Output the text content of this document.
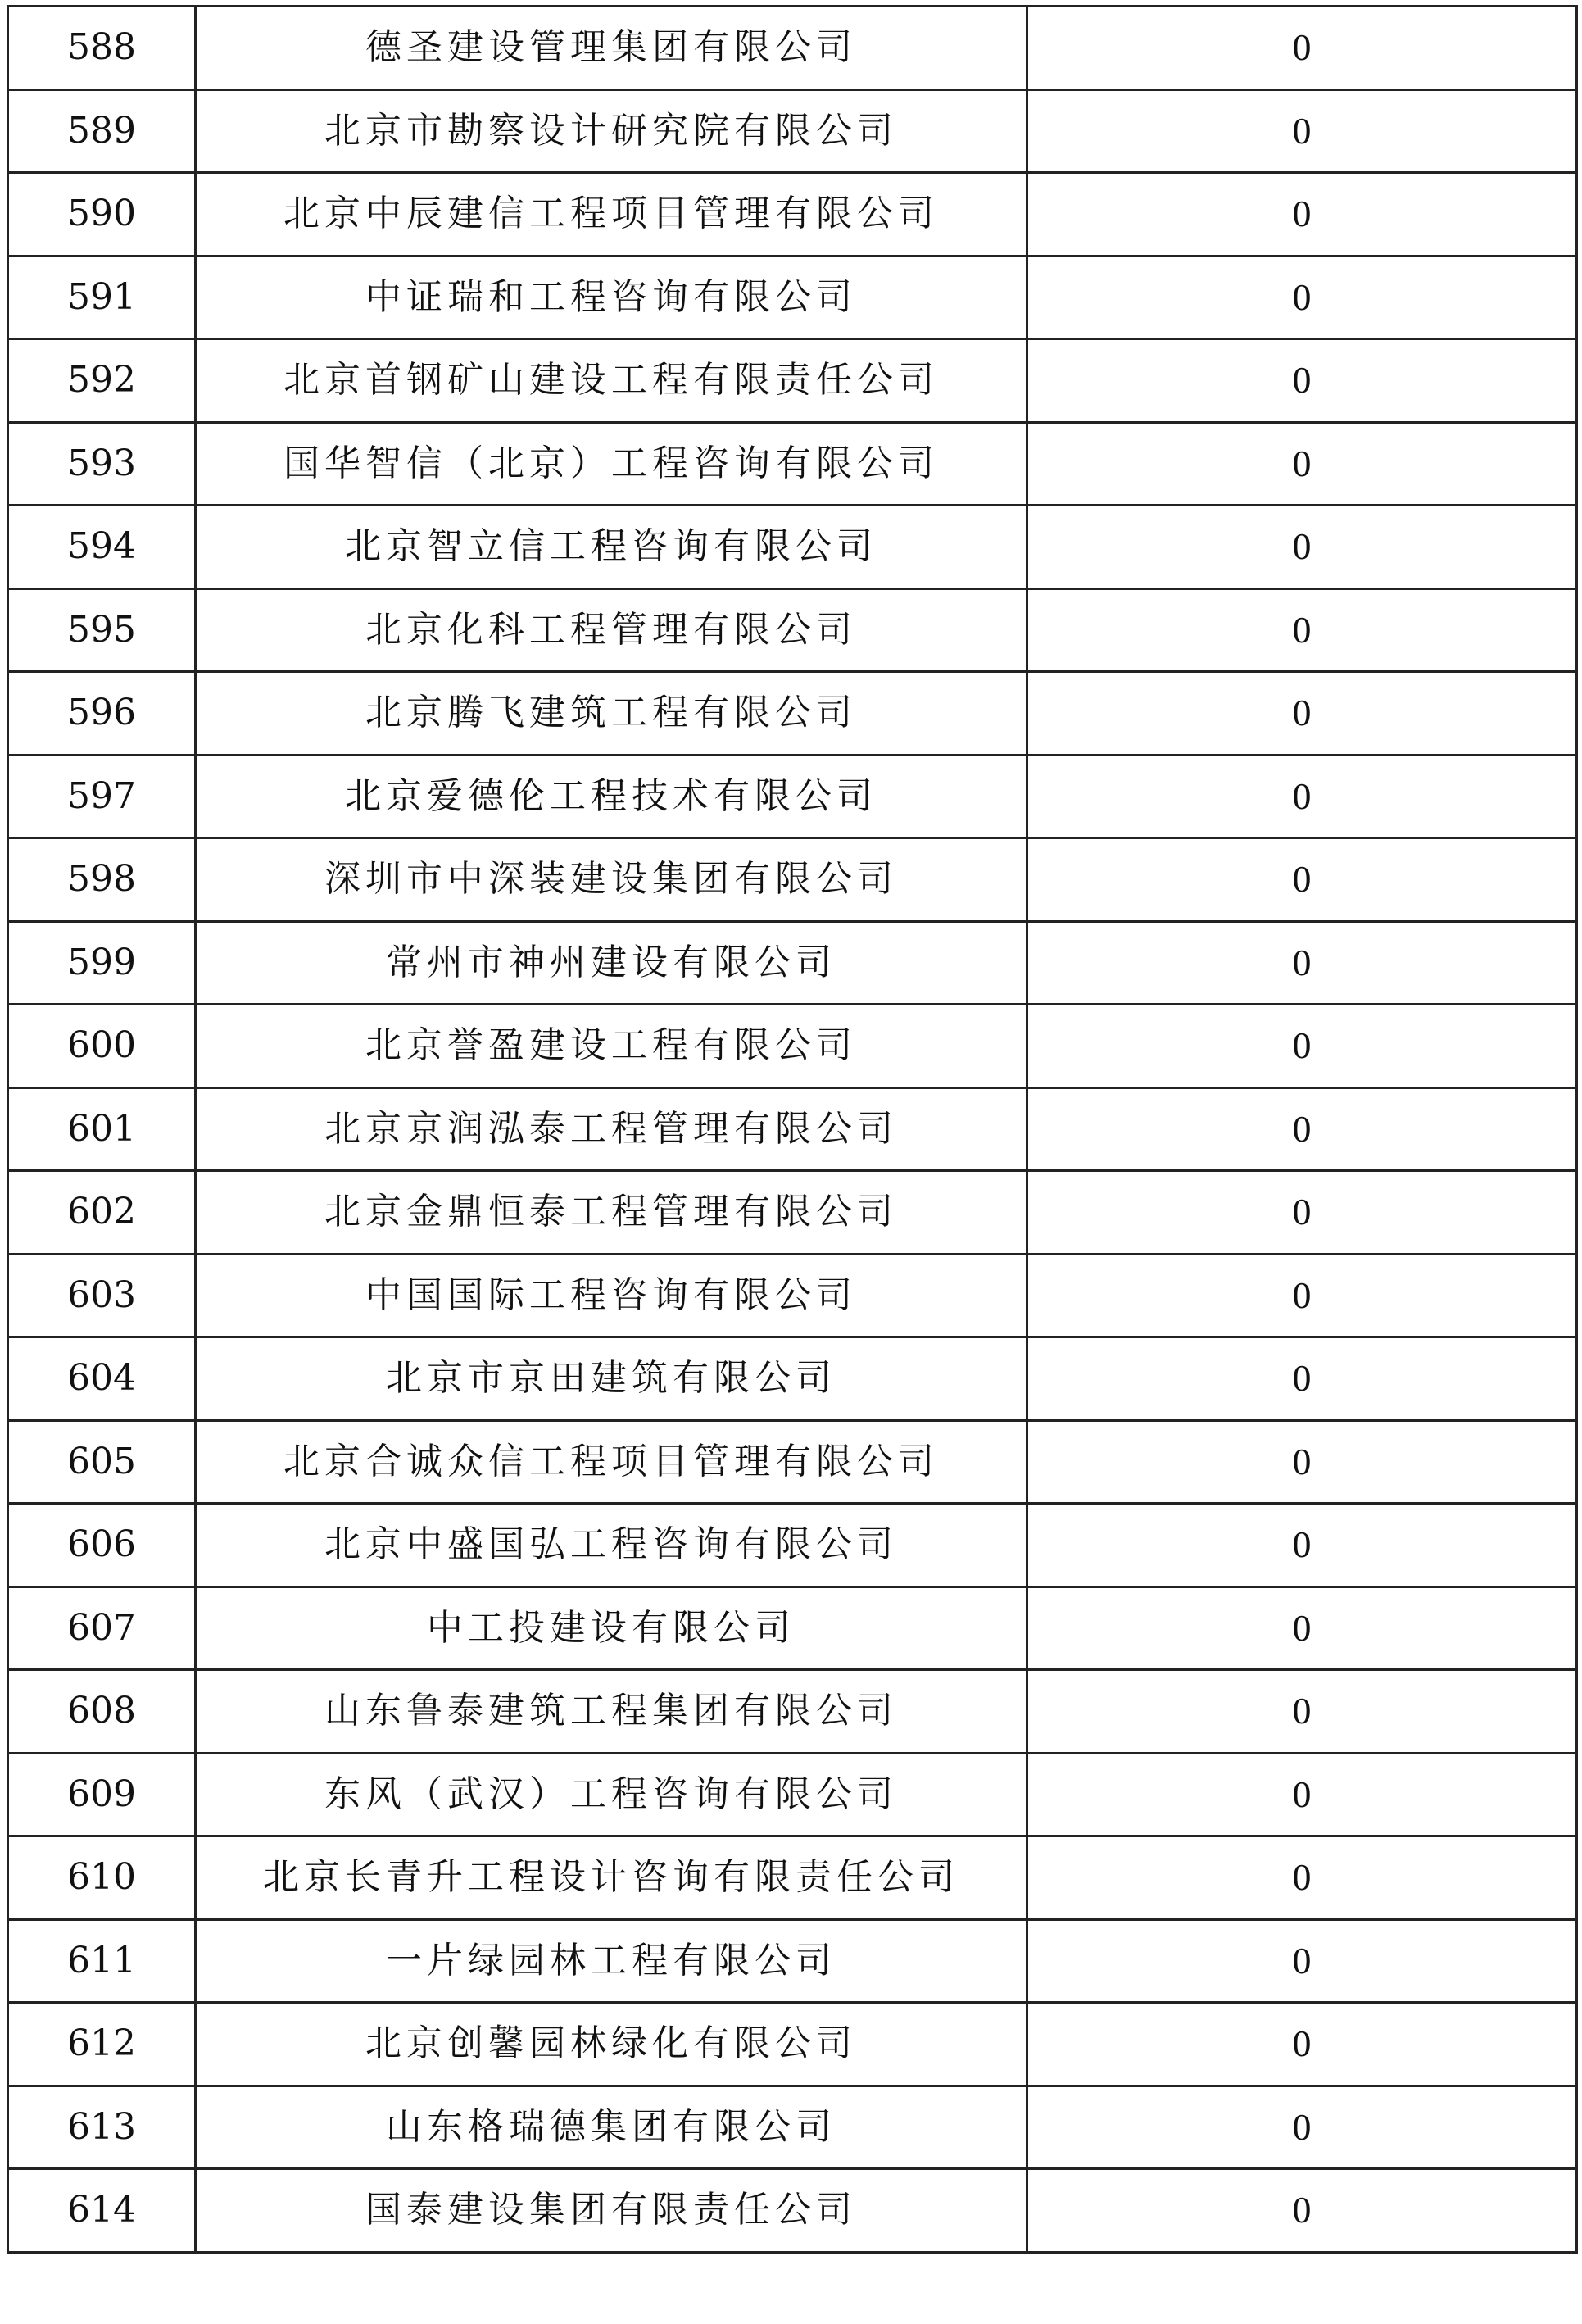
588	德圣建设管理集团有限公司	0
589	北京市勘察设计研究院有限公司	0
590	北京中辰建信工程项目管理有限公司	0
591	中证瑞和工程咨询有限公司	0
592	北京首钢矿山建设工程有限责任公司	0
593	国华智信（北京）工程咨询有限公司	0
594	北京智立信工程咨询有限公司	0
595	北京化科工程管理有限公司	0
596	北京腾飞建筑工程有限公司	0
597	北京爱德伦工程技术有限公司	0
598	深圳市中深装建设集团有限公司	0
599	常州市神州建设有限公司	0
600	北京誉盈建设工程有限公司	0
601	北京京润泓泰工程管理有限公司	0
602	北京金鼎恒泰工程管理有限公司	0
603	中国国际工程咨询有限公司	0
604	北京市京田建筑有限公司	0
605	北京合诚众信工程项目管理有限公司	0
606	北京中盛国弘工程咨询有限公司	0
607	中工投建设有限公司	0
608	山东鲁泰建筑工程集团有限公司	0
609	东风（武汉）工程咨询有限公司	0
610	北京长青升工程设计咨询有限责任公司	0
611	一片绿园林工程有限公司	0
612	北京创馨园林绿化有限公司	0
613	山东格瑞德集团有限公司	0
614	国泰建设集团有限责任公司	0
